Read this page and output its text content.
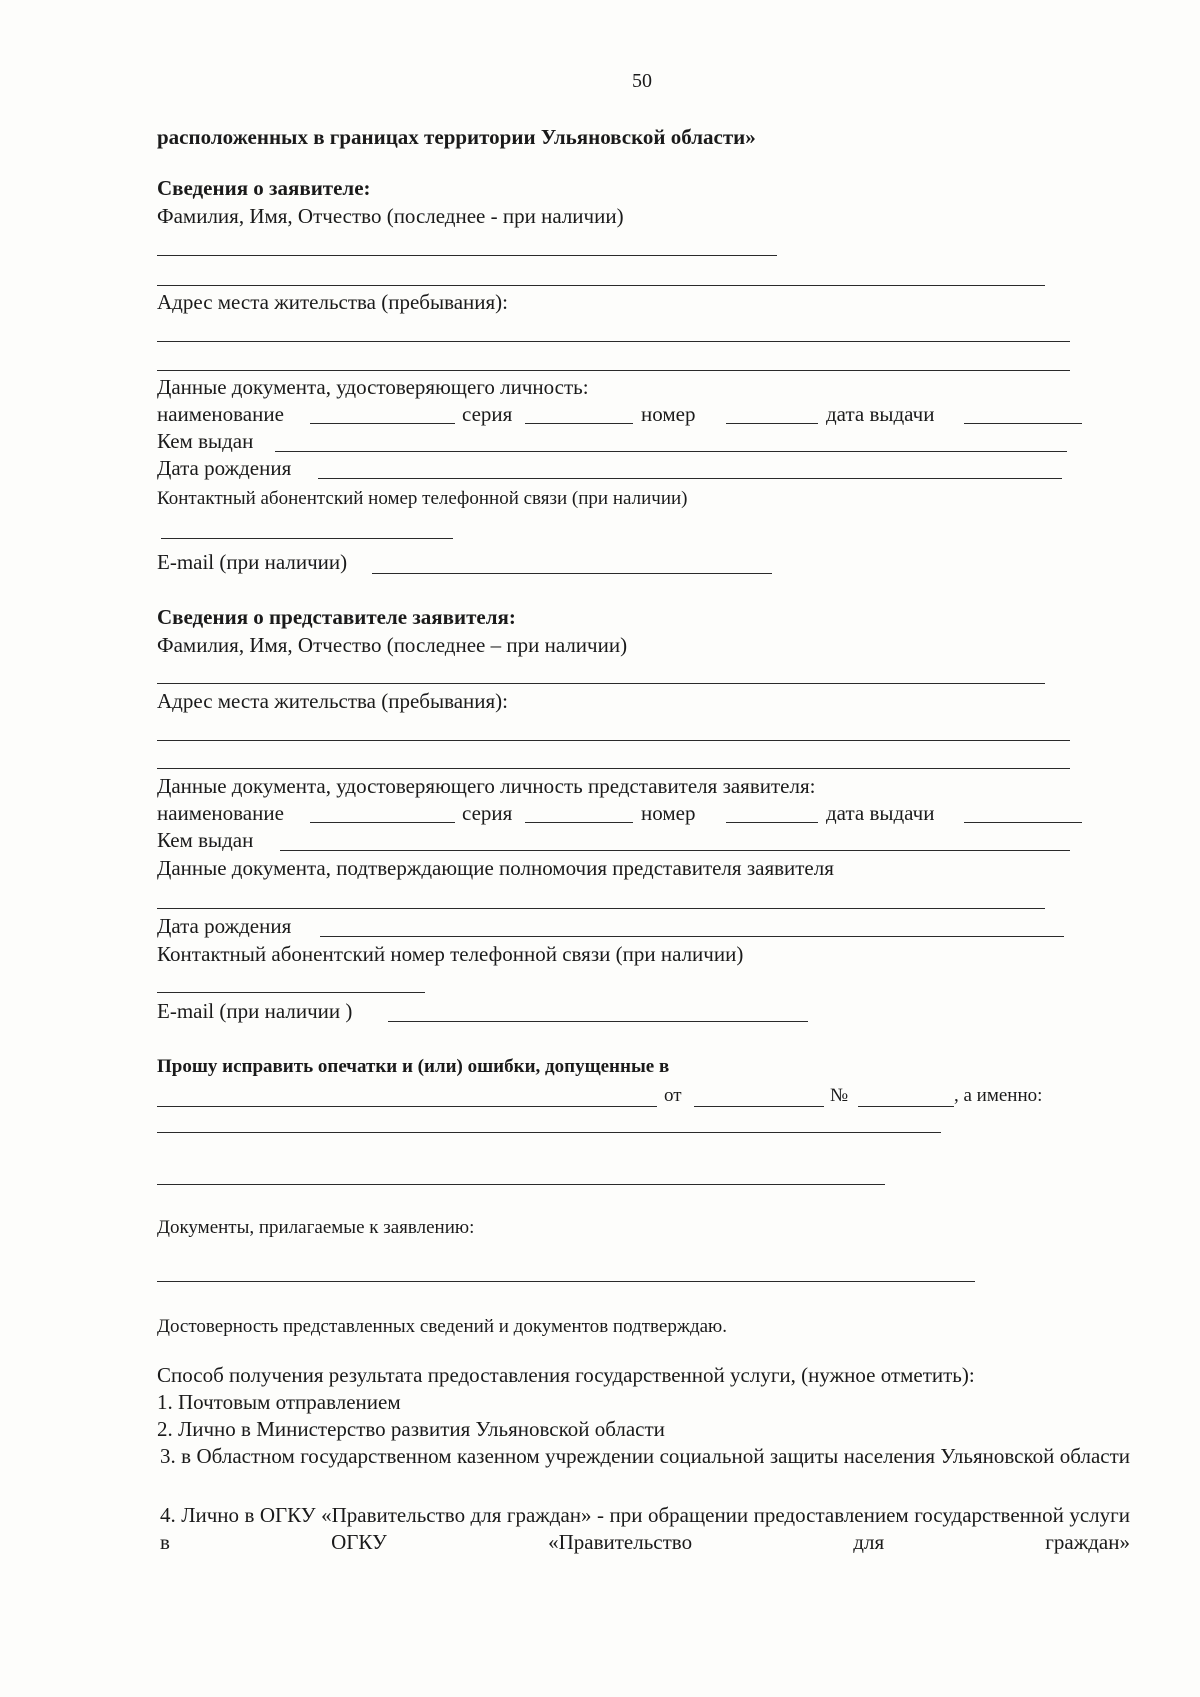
50
расположенных в границах территории Ульяновской области»
Сведения о заявителе:
Фамилия, Имя, Отчество (последнее - при наличии)
Адрес места жительства (пребывания):
Данные документа, удостоверяющего личность:
наименование	серия	номер	дата выдачи
Кем выдан
Дата рождения
Контактный абонентский номер телефонной связи (при наличии)
E-mail (при наличии)
Сведения о представителе заявителя:
Фамилия, Имя, Отчество (последнее – при наличии)
Адрес места жительства (пребывания):
Данные документа, удостоверяющего личность представителя заявителя:
наименование	серия	номер	дата выдачи
Кем выдан
Данные документа, подтверждающие полномочия представителя заявителя
Дата рождения
Контактный абонентский номер телефонной связи (при наличии)
E-mail (при наличии )
Прошу исправить опечатки и (или) ошибки, допущенные в
от	№	, а именно:
Документы, прилагаемые к заявлению:
Достоверность представленных сведений и документов подтверждаю.
Способ получения результата предоставления государственной услуги, (нужное отметить):
1. Почтовым отправлением
2. Лично в Министерство развития Ульяновской области
3. в Областном государственном казенном учреждении социальной защиты населения Ульяновской области
4. Лично в ОГКУ «Правительство для граждан» - при обращении предоставлением государственной услуги в ОГКУ «Правительство для граждан»
